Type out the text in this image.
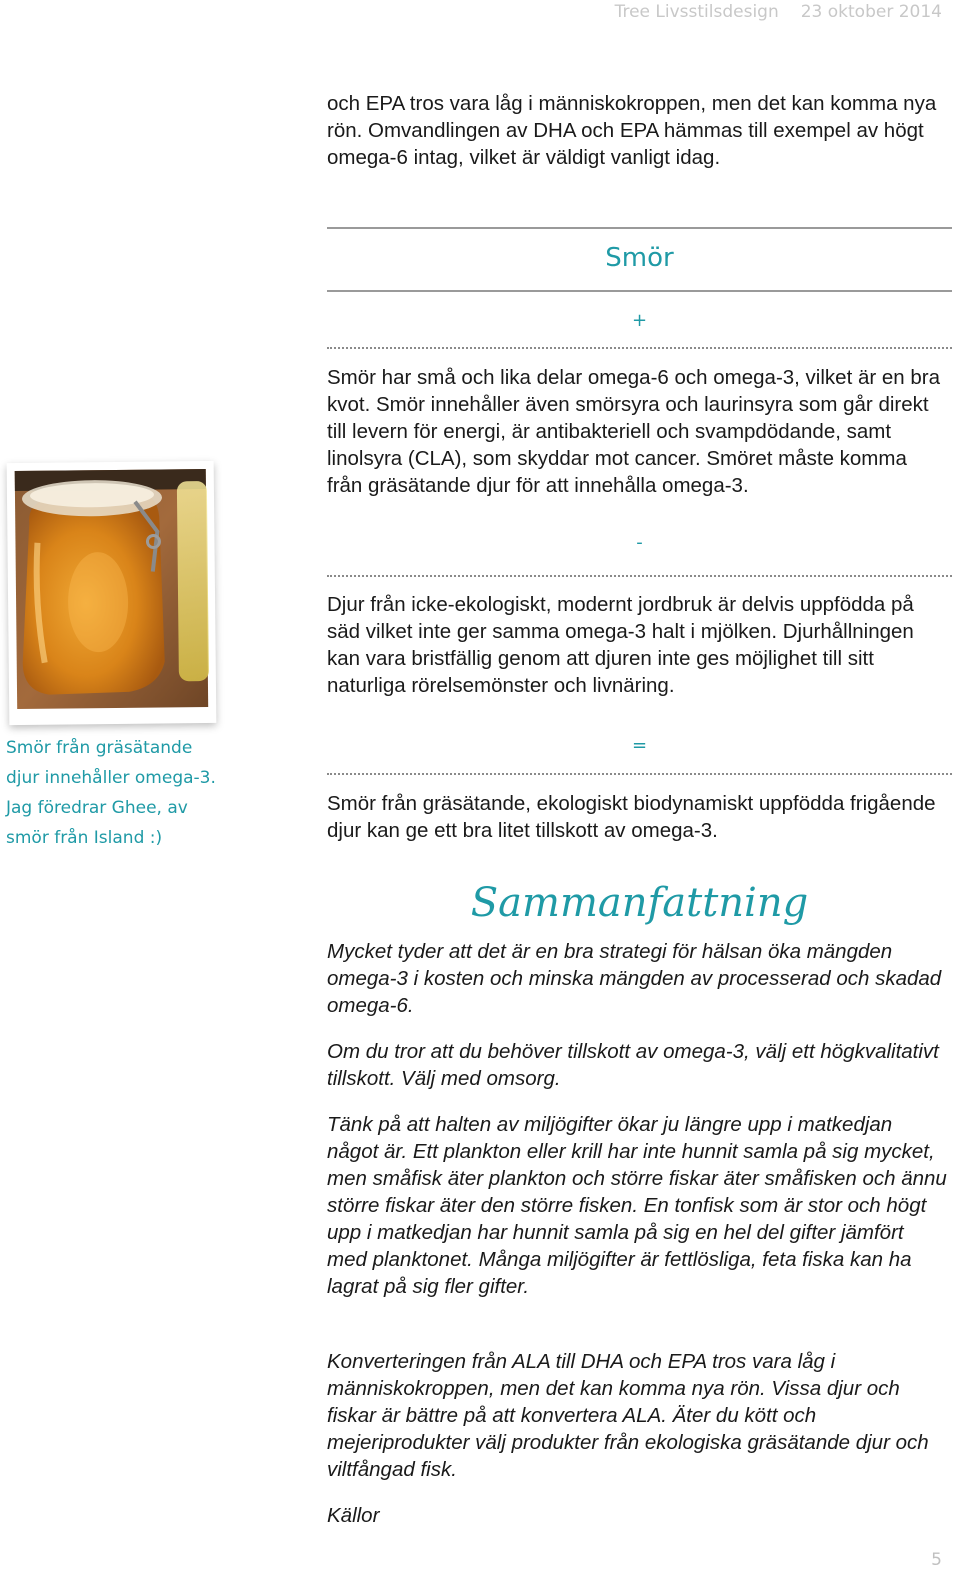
Tree Livsstilsdesign 23 oktober 2014

och EPA tros vara låg i människokroppen, men det kan komma nya rön. Omvandlingen av DHA och EPA hämmas till exempel av högt omega-6 intag, vilket är väldigt vanligt idag.

Smör
+

Smör har små och lika delar omega-6 och omega-3, vilket är en bra kvot. Smör innehåller även smörsyra och laurinsyra som går direkt till levern för energi, är antibakteriell och svampdödande, samt linolsyra (CLA), som skyddar mot cancer. Smöret måste komma från gräsätande djur för att innehålla omega-3.

-

Djur från icke-ekologiskt, modernt jordbruk är delvis uppfödda på säd vilket inte ger samma omega-3 halt i mjölken. Djurhållningen kan vara bristfällig genom att djuren inte ges möjlighet till sitt naturliga rörelsemönster och livnäring.

=

Smör från gräsätande, ekologiskt biodynamiskt uppfödda frigående djur kan ge ett bra litet tillskott av omega-3.

Smör från gräsätande djur innehåller omega-3. Jag föredrar Ghee, av smör från Island :)
Sammanfattning

Mycket tyder att det är en bra strategi för hälsan öka mängden omega-3 i kosten och minska mängden av processerad och skadad omega-6.

Om du tror att du behöver tillskott av omega-3, välj ett högkvalitativt tillskott. Välj med omsorg.

Tänk på att halten av miljögifter ökar ju längre upp i matkedjan något är. Ett plankton eller krill har inte hunnit samla på sig mycket, men småfisk äter plankton och större fiskar äter småfisken och ännu större fiskar äter den större fisken. En tonfisk som är stor och högt upp i matkedjan har hunnit samla på sig en hel del gifter jämfört med planktonet. Många miljögifter är fettlösliga, feta fiska kan ha lagrat på sig fler gifter.

Konverteringen från ALA till DHA och EPA tros vara låg i människokroppen, men det kan komma nya rön. Vissa djur och fiskar är bättre på att konvertera ALA. Äter du kött och mejeriprodukter välj produkter från ekologiska gräsätande djur och viltfångad fisk.

Källor

5
